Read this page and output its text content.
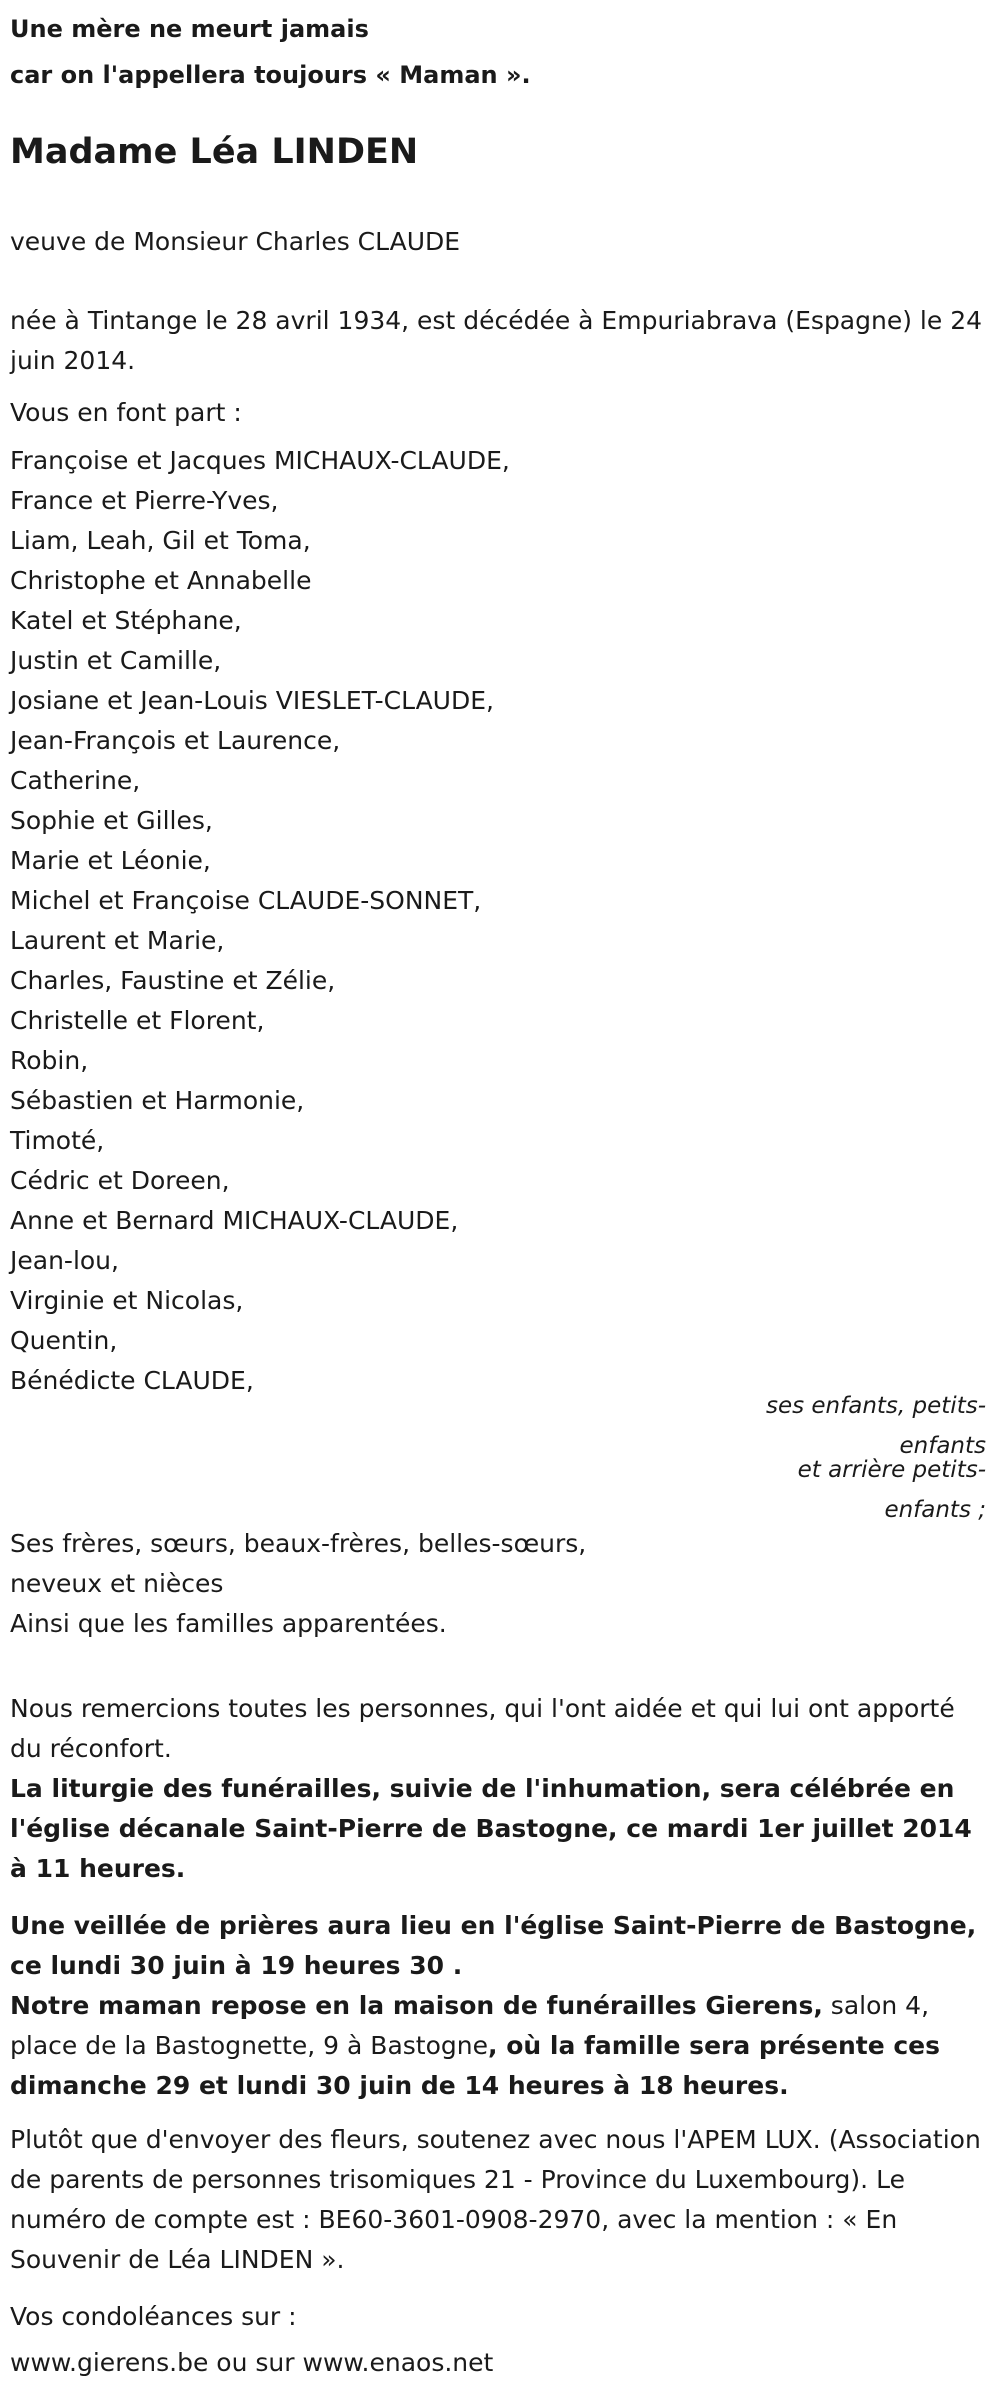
Une mère ne meurt jamais
car on l'appellera toujours « Maman ».
Madame Léa LINDEN
veuve de Monsieur Charles CLAUDE
née à Tintange le 28 avril 1934, est décédée à Empuriabrava (Espagne) le 24 juin 2014.
Vous en font part :
Françoise et Jacques MICHAUX-CLAUDE,
France et Pierre-Yves,
Liam, Leah, Gil et Toma,
Christophe et Annabelle
Katel et Stéphane,
Justin et Camille,
Josiane et Jean-Louis VIESLET-CLAUDE,
Jean-François et Laurence,
Catherine,
Sophie et Gilles,
Marie et Léonie,
Michel et Françoise CLAUDE-SONNET,
Laurent et Marie,
Charles, Faustine et Zélie,
Christelle et Florent,
Robin,
Sébastien et Harmonie,
Timoté,
Cédric et Doreen,
Anne et Bernard MICHAUX-CLAUDE,
Jean-lou,
Virginie et Nicolas,
Quentin,
Bénédicte CLAUDE,
ses enfants, petits-enfants
et arrière petits-enfants ;
Ses frères, sœurs, beaux-frères, belles-sœurs,
neveux et nièces
Ainsi que les familles apparentées.
Nous remercions toutes les personnes, qui l'ont aidée et qui lui ont apporté du réconfort.
La liturgie des funérailles, suivie de l'inhumation, sera célébrée en l'église décanale Saint-Pierre de Bastogne, ce mardi 1er juillet 2014 à 11 heures.
Une veillée de prières aura lieu en l'église Saint-Pierre de Bastogne, ce lundi 30 juin à 19 heures 30 .
Notre maman repose en la maison de funérailles Gierens, salon 4, place de la Bastognette, 9 à Bastogne, où la famille sera présente ces dimanche 29 et lundi 30 juin de 14 heures à 18 heures.
Plutôt que d'envoyer des fleurs, soutenez avec nous l'APEM LUX. (Association de parents de personnes trisomiques 21 - Province du Luxembourg). Le numéro de compte est : BE60-3601-0908-2970, avec la mention : « En Souvenir de Léa LINDEN ».
Vos condoléances sur :
www.gierens.be ou sur www.enaos.net
